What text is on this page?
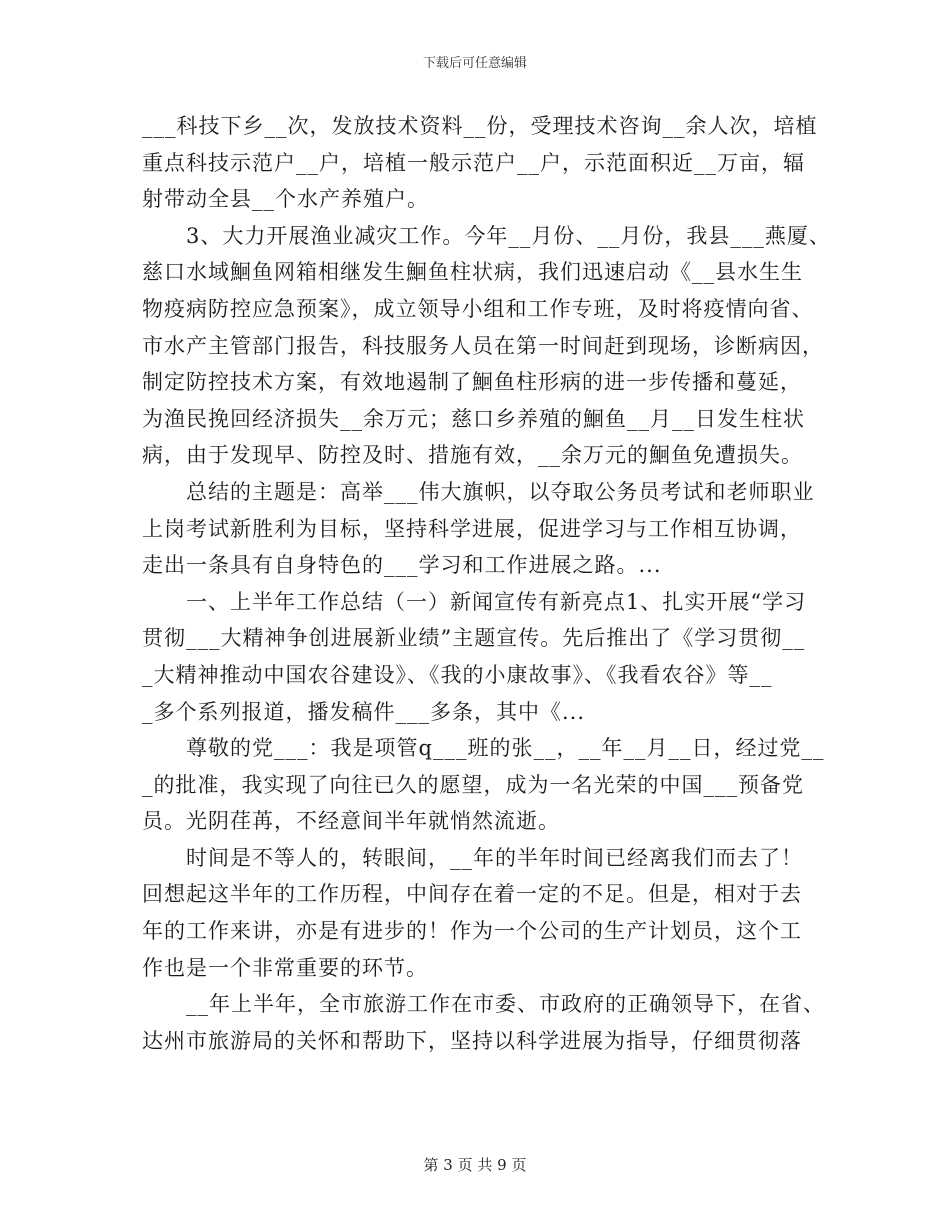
下载后可任意编辑
___科技下乡__次，发放技术资料__份，受理技术咨询__余人次，培植
重点科技示范户__户，培植一般示范户__户，示范面积近__万亩，辐
射带动全县__个水产养殖户。
3、大力开展渔业减灾工作。今年__月份、__月份，我县___燕厦、
慈口水域鮰鱼网箱相继发生鮰鱼柱状病，我们迅速启动《__县水生生
物疫病防控应急预案》，成立领导小组和工作专班，及时将疫情向省、
市水产主管部门报告，科技服务人员在第一时间赶到现场，诊断病因，
制定防控技术方案，有效地遏制了鮰鱼柱形病的进一步传播和蔓延，
为渔民挽回经济损失__余万元；慈口乡养殖的鮰鱼__月__日发生柱状
病，由于发现早、防控及时、措施有效，__余万元的鮰鱼免遭损失。
总结的主题是：高举___伟大旗帜，以夺取公务员考试和老师职业
上岗考试新胜利为目标，坚持科学进展，促进学习与工作相互协调，
走出一条具有自身特色的___学习和工作进展之路。...
一、上半年工作总结（一）新闻宣传有新亮点1、扎实开展“学习
贯彻___大精神争创进展新业绩”主题宣传。先后推出了《学习贯彻__
_大精神推动中国农谷建设》、《我的小康故事》、《我看农谷》等__
_多个系列报道，播发稿件___多条，其中《...
尊敬的党___：我是项管q___班的张__，__年__月__日，经过党__
_的批准，我实现了向往已久的愿望，成为一名光荣的中国___预备党
员。光阴荏苒，不经意间半年就悄然流逝。
时间是不等人的，转眼间，__年的半年时间已经离我们而去了！
回想起这半年的工作历程，中间存在着一定的不足。但是，相对于去
年的工作来讲，亦是有进步的！作为一个公司的生产计划员，这个工
作也是一个非常重要的环节。
__年上半年，全市旅游工作在市委、市政府的正确领导下，在省、
达州市旅游局的关怀和帮助下，坚持以科学进展为指导，仔细贯彻落
第 3 页 共 9 页
